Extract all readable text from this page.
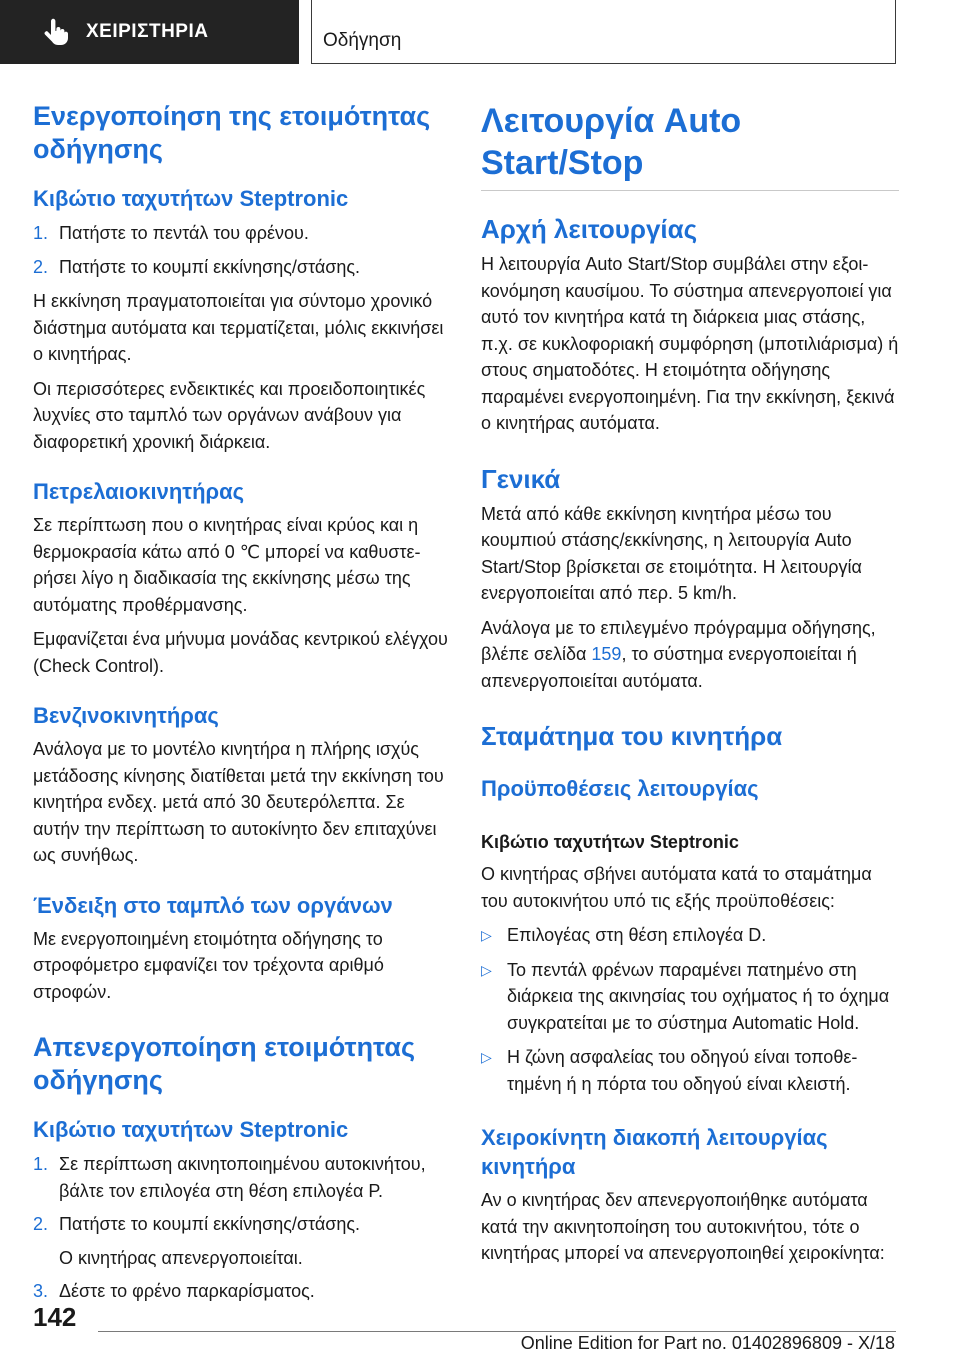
ΧΕΙΡΙΣΤΗΡΙΑ	Οδήγηση
Ενεργοποίηση της ετοιμότητας οδήγησης
Κιβώτιο ταχυτήτων Steptronic
1. Πατήστε το πεντάλ του φρένου.
2. Πατήστε το κουμπί εκκίνησης/στάσης.

Η εκκίνηση πραγματοποιείται για σύντομο χρονικό διάστημα αυτόματα και τερματίζεται, μόλις εκκινήσει ο κινητήρας.

Οι περισσότερες ενδεικτικές και προειδοποιητικές λυχνίες στο ταμπλό των οργάνων ανάβουν για διαφορετική χρονική διάρκεια.

Πετρελαιοκινητήρας

Σε περίπτωση που ο κινητήρας είναι κρύος και η θερμοκρασία κάτω από 0 ℃ μπορεί να καθυστερήσει λίγο η διαδικασία της εκκίνησης μέσω της αυτόματης προθέρμανσης.

Εμφανίζεται ένα μήνυμα μονάδας κεντρικού ελέγχου (Check Control).

Βενζινοκινητήρας

Ανάλογα με το μοντέλο κινητήρα η πλήρης ισχύς μετάδοσης κίνησης διατίθεται μετά την εκκίνηση του κινητήρα ενδεχ. μετά από 30 δευτερόλεπτα. Σε αυτήν την περίπτωση το αυτοκίνητο δεν επιταχύνει ως συνήθως.

Ένδειξη στο ταμπλό των οργάνων

Με ενεργοποιημένη ετοιμότητα οδήγησης το στροφόμετρο εμφανίζει τον τρέχοντα αριθμό στροφών.

Απενεργοποίηση ετοιμότητας οδήγησης
Κιβώτιο ταχυτήτων Steptronic
1. Σε περίπτωση ακινητοποιημένου αυτοκινήτου, βάλτε τον επιλογέα στη θέση επιλογέα P.
2. Πατήστε το κουμπί εκκίνησης/στάσης.
Ο κινητήρας απενεργοποιείται.
3. Δέστε το φρένο παρκαρίσματος.
Λειτουργία Auto Start/Stop
Αρχή λειτουργίας

Η λειτουργία Auto Start/Stop συμβάλει στην εξοικονόμηση καυσίμου. Το σύστημα απενεργοποιεί για αυτό τον κινητήρα κατά τη διάρκεια μιας στάσης, π.χ. σε κυκλοφοριακή συμφόρηση (μποτιλιάρισμα) ή στους σηματοδότες. Η ετοιμότητα οδήγησης παραμένει ενεργοποιημένη. Για την εκκίνηση, ξεκινά ο κινητήρας αυτόματα.

Γενικά

Μετά από κάθε εκκίνηση κινητήρα μέσω του κουμπιού στάσης/εκκίνησης, η λειτουργία Auto Start/Stop βρίσκεται σε ετοιμότητα. Η λειτουργία ενεργοποιείται από περ. 5 km/h.

Ανάλογα με το επιλεγμένο πρόγραμμα οδήγησης, βλέπε σελίδα 159, το σύστημα ενεργοποιείται ή απενεργοποιείται αυτόματα.

Σταμάτημα του κινητήρα
Προϋποθέσεις λειτουργίας
Κιβώτιο ταχυτήτων Steptronic

Ο κινητήρας σβήνει αυτόματα κατά το σταμάτημα του αυτοκινήτου υπό τις εξής προϋποθέσεις:

▷ Επιλογέας στη θέση επιλογέα D.
▷ Το πεντάλ φρένων παραμένει πατημένο στη διάρκεια της ακινησίας του οχήματος ή το όχημα συγκρατείται με το σύστημα Automatic Hold.
▷ Η ζώνη ασφαλείας του οδηγού είναι τοποθετημένη ή η πόρτα του οδηγού είναι κλειστή.
Χειροκίνητη διακοπή λειτουργίας κινητήρα

Αν ο κινητήρας δεν απενεργοποιήθηκε αυτόματα κατά την ακινητοποίηση του αυτοκινήτου, τότε ο κινητήρας μπορεί να απενεργοποιηθεί χειροκίνητα:

142
Online Edition for Part no. 01402896809 - X/18
